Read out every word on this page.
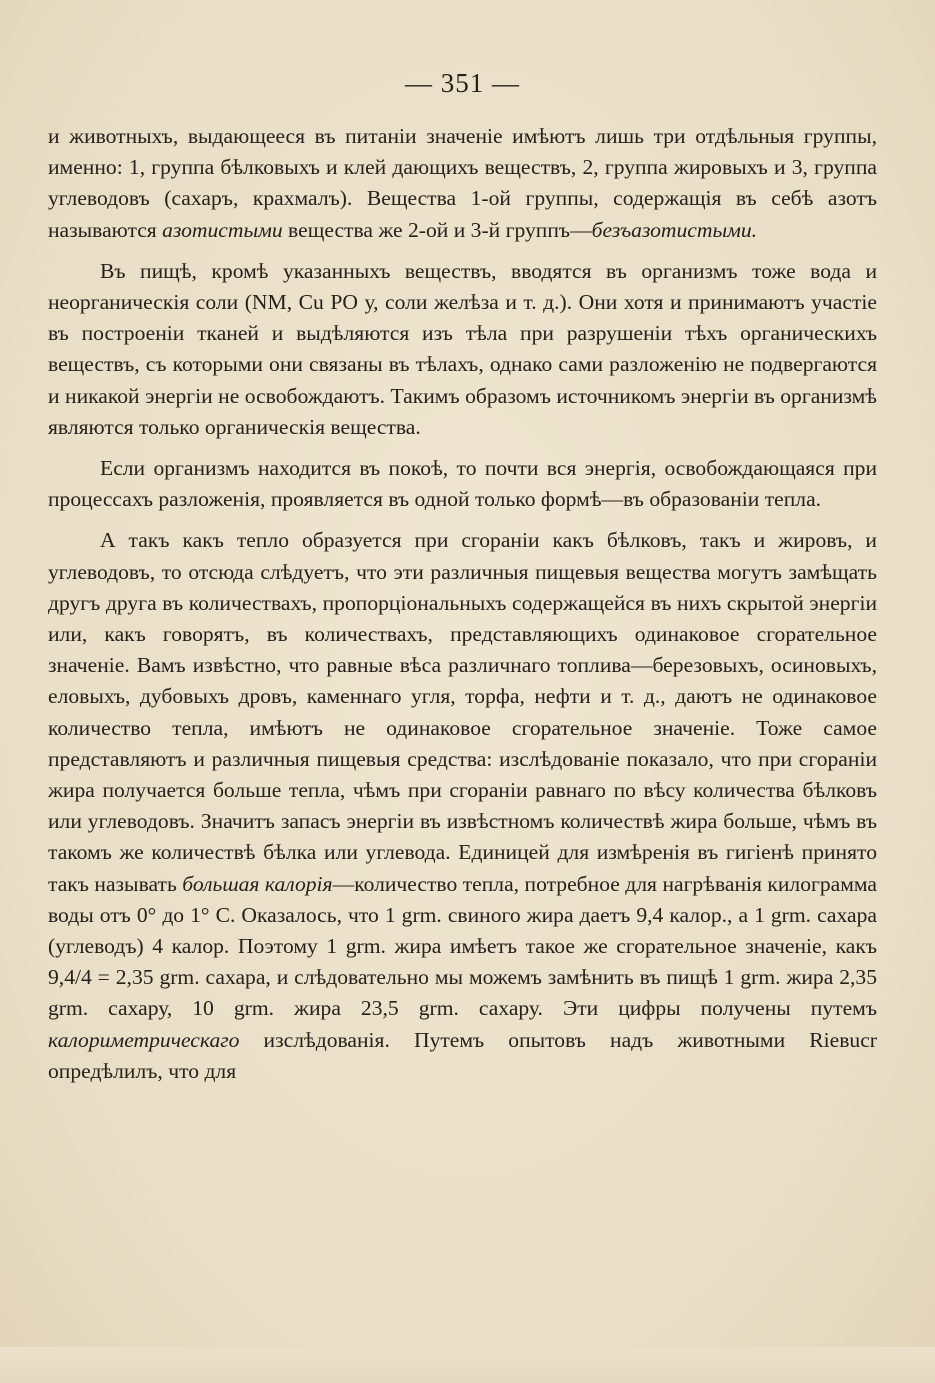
— 351 —

и животныхъ, выдающееся въ питаніи значеніе имѣютъ лишь три отдѣльныя группы, именно: 1, группа бѣлковыхъ и клей дающихъ веществъ, 2, группа жировыхъ и 3, группа углеводовъ (сахаръ, крахмалъ). Вещества 1-ой группы, содержащія въ себѣ азотъ называются азотистыми вещества же 2-ой и 3-й группъ—безъазотистыми.

Въ пищѣ, кромѣ указанныхъ веществъ, вводятся въ организмъ тоже вода и неорганическія соли (NM, Cu PO у, соли желѣза и т. д.). Они хотя и принимаютъ участіе въ построеніи тканей и выдѣляются изъ тѣла при разрушеніи тѣхъ органическихъ веществъ, съ которыми они связаны въ тѣлахъ, однако сами разложенію не подвергаются и никакой энергіи не освобождаютъ. Такимъ образомъ источникомъ энергіи въ организмѣ являются только органическія вещества.

Если организмъ находится въ покоѣ, то почти вся энергія, освобождающаяся при процессахъ разложенія, проявляется въ одной только формѣ—въ образованіи тепла.

А такъ какъ тепло образуется при сгораніи какъ бѣлковъ, такъ и жировъ, и углеводовъ, то отсюда слѣдуетъ, что эти различныя пищевыя вещества могутъ замѣщать другъ друга въ количествахъ, пропорціональныхъ содержащейся въ нихъ скрытой энергіи или, какъ говорятъ, въ количествахъ, представляющихъ одинаковое сгорательное значеніе. Вамъ извѣстно, что равные вѣса различнаго топлива—березовыхъ, осиновыхъ, еловыхъ, дубовыхъ дровъ, каменнаго угля, торфа, нефти и т. д., даютъ не одинаковое количество тепла, имѣютъ не одинаковое сгорательное значеніе. Тоже самое представляютъ и различныя пищевыя средства: изслѣдованіе показало, что при сгораніи жира получается больше тепла, чѣмъ при сгораніи равнаго по вѣсу количества бѣлковъ или углеводовъ. Значитъ запасъ энергіи въ извѣстномъ количествѣ жира больше, чѣмъ въ такомъ же количествѣ бѣлка или углевода. Единицей для измѣренія въ гигіенѣ принято такъ называть большая калорія—количество тепла, потребное для нагрѣванія килограмма воды отъ 0° до 1° С. Оказалось, что 1 grm. свиного жира даетъ 9,4 калор., а 1 grm. сахара (углеводъ) 4 калор. Поэтому 1 grm. жира имѣетъ такое же сгорательное значеніе, какъ 9,4/4 = 2,35 grm. сахара, и слѣдовательно мы можемъ замѣнить въ пищѣ 1 grm. жира 2,35 grm. сахару, 10 grm. жира 23,5 grm. сахару. Эти цифры получены путемъ калориметрическаго изслѣдованія. Путемъ опытовъ надъ животными Rieвucr опредѣлилъ, что для
